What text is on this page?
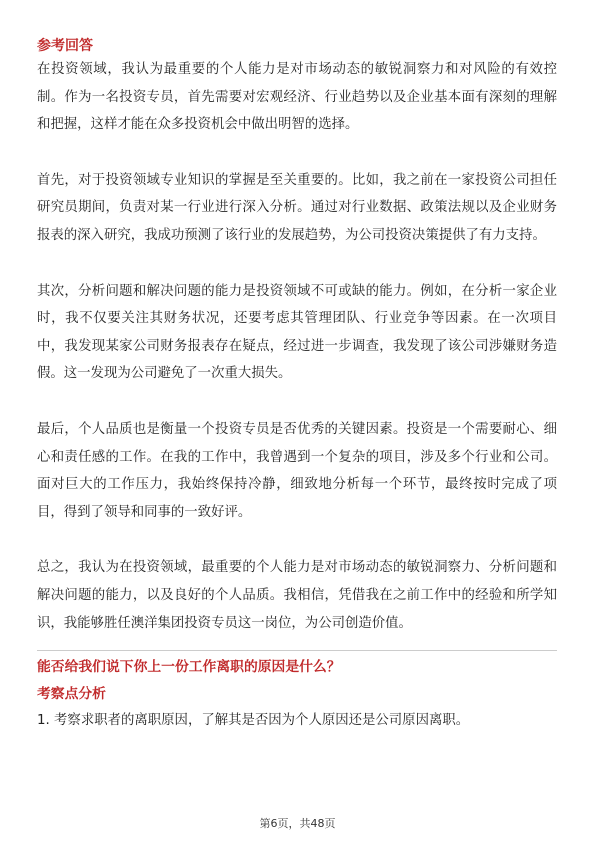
参考回答

在投资领域，我认为最重要的个人能力是对市场动态的敏锐洞察力和对风险的有效控制。作为一名投资专员，首先需要对宏观经济、行业趋势以及企业基本面有深刻的理解和把握，这样才能在众多投资机会中做出明智的选择。

首先，对于投资领域专业知识的掌握是至关重要的。比如，我之前在一家投资公司担任研究员期间，负责对某一行业进行深入分析。通过对行业数据、政策法规以及企业财务报表的深入研究，我成功预测了该行业的发展趋势，为公司投资决策提供了有力支持。

其次，分析问题和解决问题的能力是投资领域不可或缺的能力。例如，在分析一家企业时，我不仅要关注其财务状况，还要考虑其管理团队、行业竞争等因素。在一次项目中，我发现某家公司财务报表存在疑点，经过进一步调查，我发现了该公司涉嫌财务造假。这一发现为公司避免了一次重大损失。

最后，个人品质也是衡量一个投资专员是否优秀的关键因素。投资是一个需要耐心、细心和责任感的工作。在我的工作中，我曾遇到一个复杂的项目，涉及多个行业和公司。面对巨大的工作压力，我始终保持冷静，细致地分析每一个环节，最终按时完成了项目，得到了领导和同事的一致好评。

总之，我认为在投资领域，最重要的个人能力是对市场动态的敏锐洞察力、分析问题和解决问题的能力，以及良好的个人品质。我相信，凭借我在之前工作中的经验和所学知识，我能够胜任澳洋集团投资专员这一岗位，为公司创造价值。

能否给我们说下你上一份工作离职的原因是什么？
考察点分析

1. 考察求职者的离职原因，了解其是否因为个人原因还是公司原因离职。

第6页，共48页
